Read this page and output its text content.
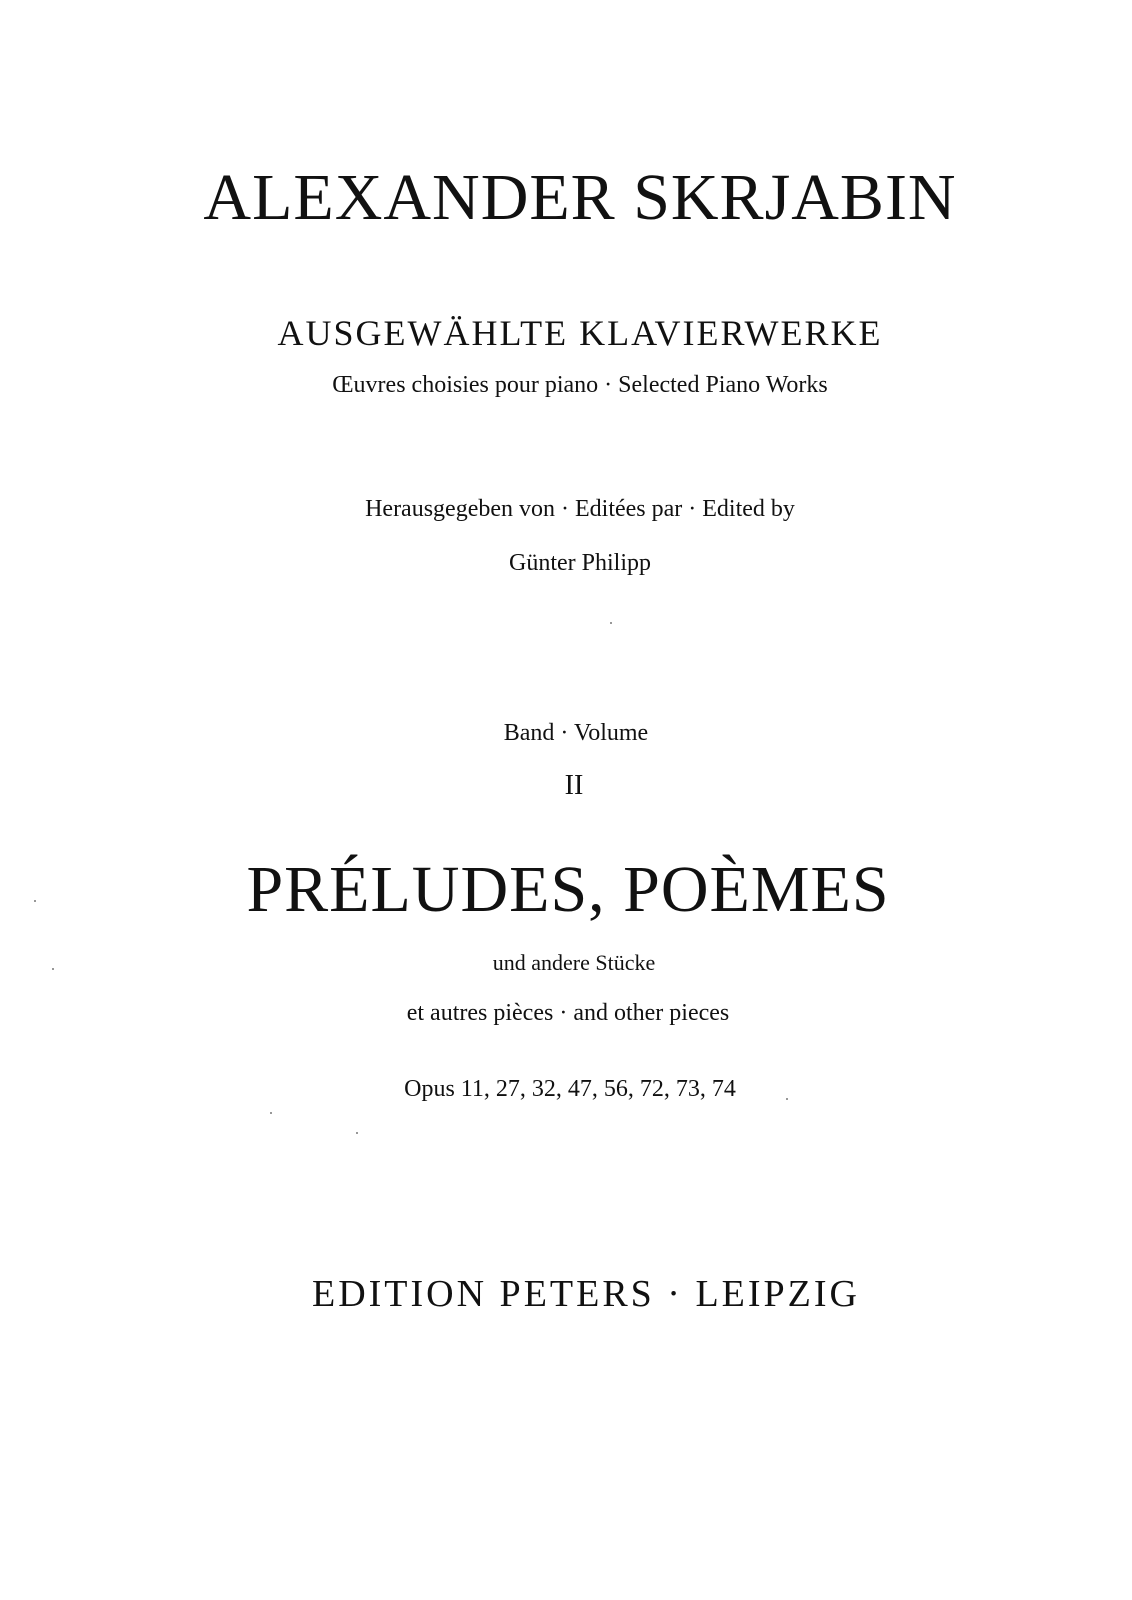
ALEXANDER SKRJABIN
AUSGEWÄHLTE KLAVIERWERKE
Œuvres choisies pour piano · Selected Piano Works
Herausgegeben von · Editées par · Edited by
Günter Philipp
Band · Volume
II
PRÉLUDES, POÈMES
und andere Stücke
et autres pièces · and other pieces
Opus 11, 27, 32, 47, 56, 72, 73, 74
EDITION PETERS · LEIPZIG
